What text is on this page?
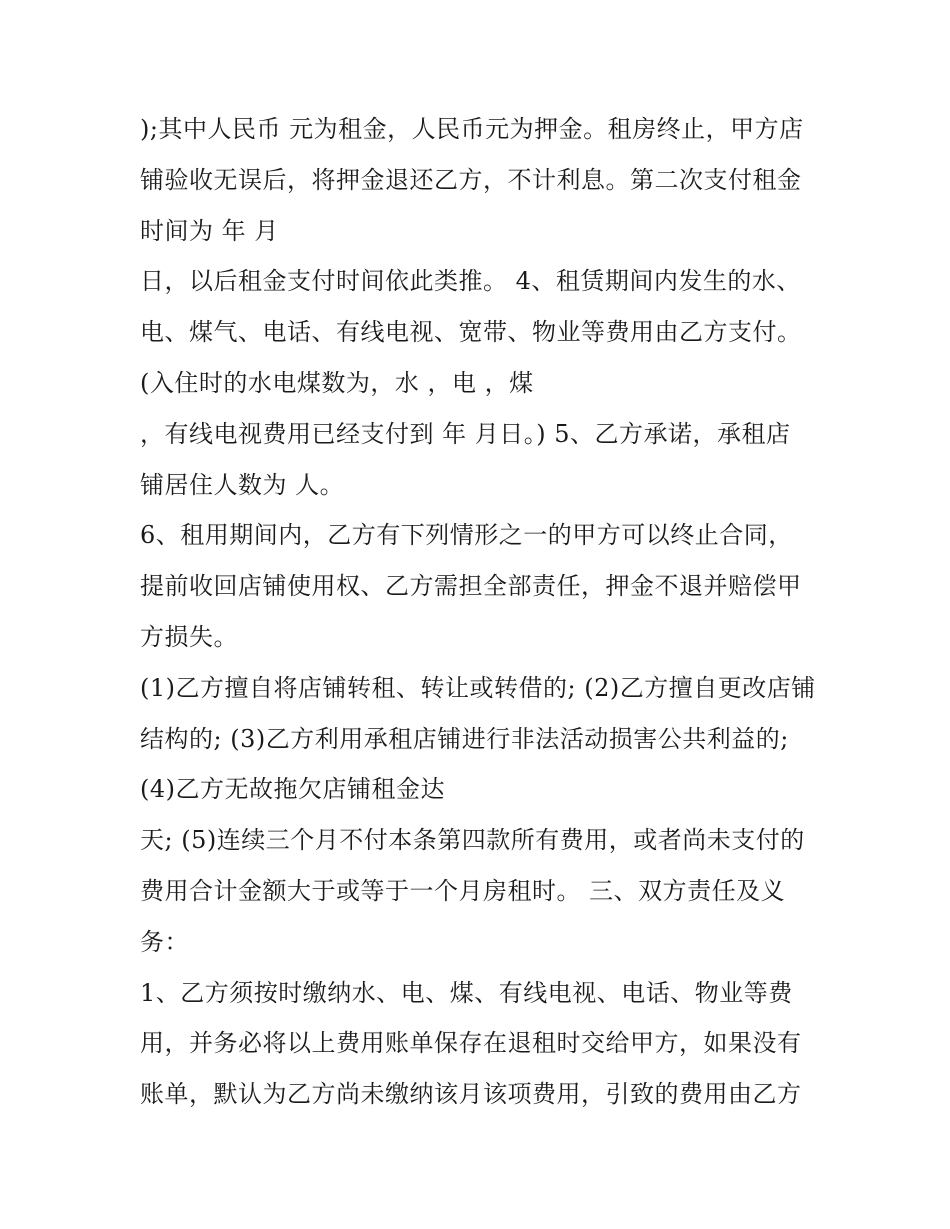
);其中人民币 元为租金，人民币元为押金。租房终止，甲方店
铺验收无误后，将押金退还乙方，不计利息。第二次支付租金
时间为 年 月
日，以后租金支付时间依此类推。 4、租赁期间内发生的水、
电、煤气、电话、有线电视、宽带、物业等费用由乙方支付。
(入住时的水电煤数为，水 ，电 ，煤
，有线电视费用已经支付到 年 月日。) 5、乙方承诺，承租店
铺居住人数为 人。
6、租用期间内，乙方有下列情形之一的甲方可以终止合同，
提前收回店铺使用权、乙方需担全部责任，押金不退并赔偿甲
方损失。
(1)乙方擅自将店铺转租、转让或转借的; (2)乙方擅自更改店铺
结构的; (3)乙方利用承租店铺进行非法活动损害公共利益的;
(4)乙方无故拖欠店铺租金达
天; (5)连续三个月不付本条第四款所有费用，或者尚未支付的
费用合计金额大于或等于一个月房租时。 三、双方责任及义
务：
1、乙方须按时缴纳水、电、煤、有线电视、电话、物业等费
用，并务必将以上费用账单保存在退租时交给甲方，如果没有
账单，默认为乙方尚未缴纳该月该项费用，引致的费用由乙方
